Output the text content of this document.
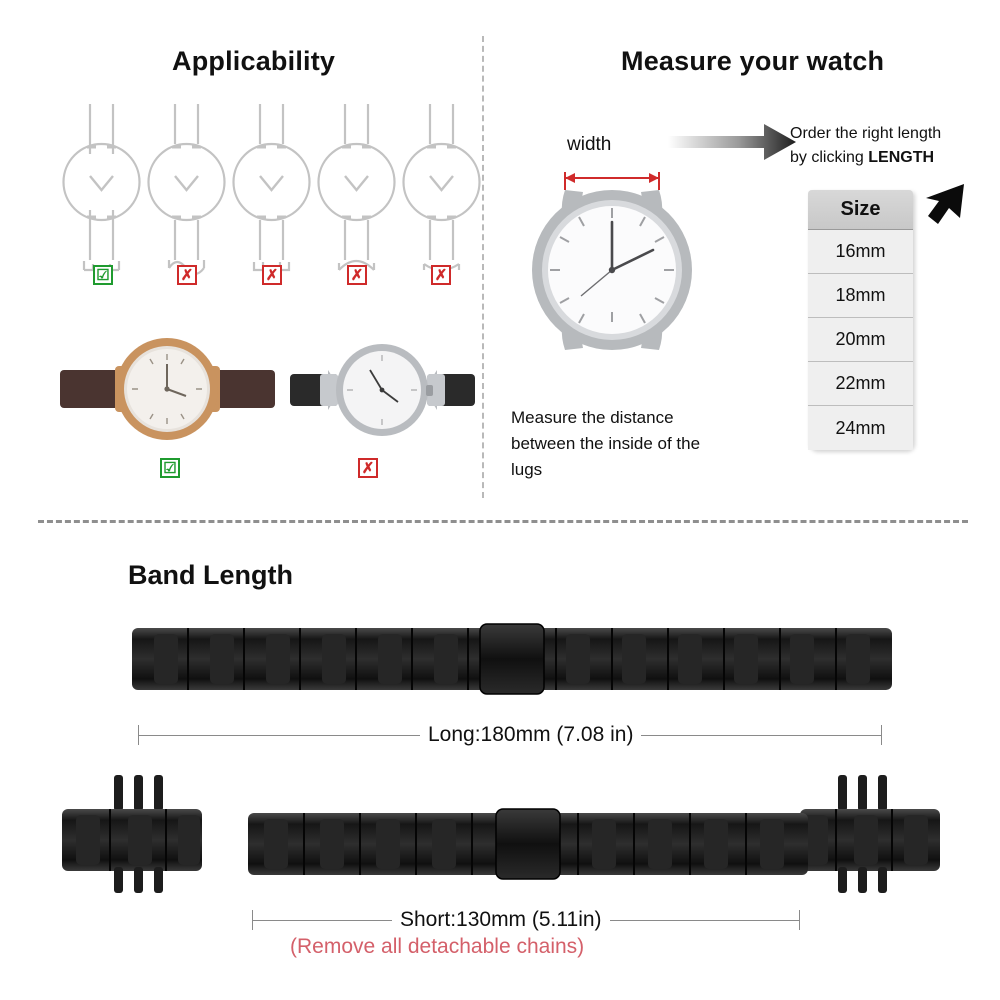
Applicability	Measure your watch
☑	✗	✗	✗	✗
☑	✗
width
Measure the distance between the inside of the lugs
Order the right length
by clicking LENGTH
Size
16mm
18mm
20mm
22mm
24mm
Band Length
Long:180mm (7.08 in)
Short:130mm (5.11in)
(Remove all detachable chains)
